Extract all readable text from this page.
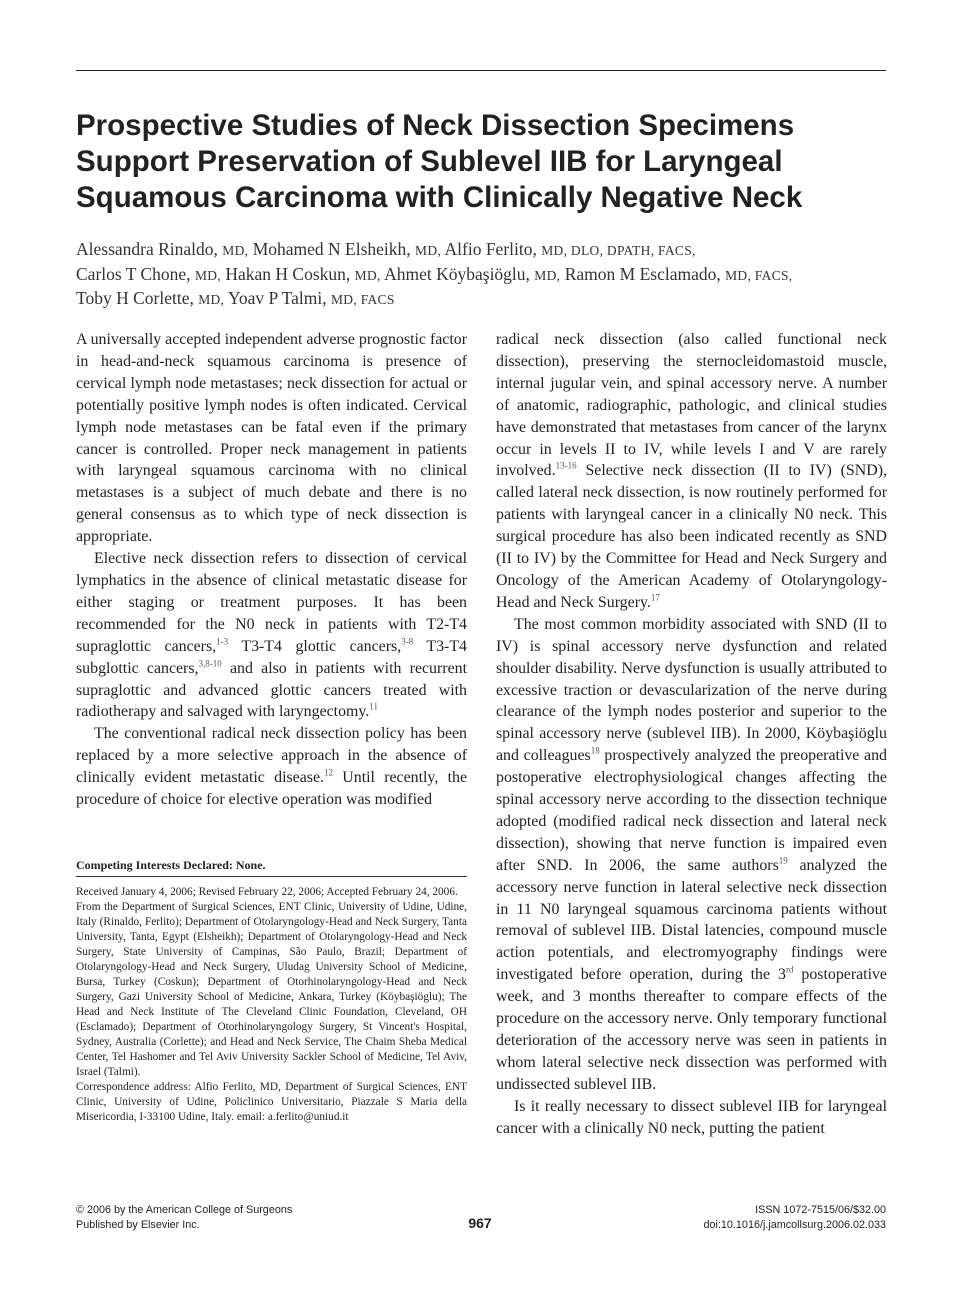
Prospective Studies of Neck Dissection Specimens Support Preservation of Sublevel IIB for Laryngeal Squamous Carcinoma with Clinically Negative Neck
Alessandra Rinaldo, MD, Mohamed N Elsheikh, MD, Alfio Ferlito, MD, DLO, DPATH, FACS,
Carlos T Chone, MD, Hakan H Coskun, MD, Ahmet Köybaşiöglu, MD, Ramon M Esclamado, MD, FACS,
Toby H Corlette, MD, Yoav P Talmi, MD, FACS

A universally accepted independent adverse prognostic factor in head-and-neck squamous carcinoma is presence of cervical lymph node metastases; neck dissection for actual or potentially positive lymph nodes is often indicated. Cervical lymph node metastases can be fatal even if the primary cancer is controlled. Proper neck management in patients with laryngeal squamous carcinoma with no clinical metastases is a subject of much debate and there is no general consensus as to which type of neck dissection is appropriate.

Elective neck dissection refers to dissection of cervical lymphatics in the absence of clinical metastatic disease for either staging or treatment purposes. It has been recommended for the N0 neck in patients with T2-T4 supraglottic cancers,$^{1-3}$ T3-T4 glottic cancers,$^{3-8}$ T3-T4 subglottic cancers,$^{3,8-10}$ and also in patients with recurrent supraglottic and advanced glottic cancers treated with radiotherapy and salvaged with laryngectomy.$^{11}$

The conventional radical neck dissection policy has been replaced by a more selective approach in the absence of clinically evident metastatic disease.$^{12}$ Until recently, the procedure of choice for elective operation was modified

radical neck dissection (also called functional neck dissection), preserving the sternocleidomastoid muscle, internal jugular vein, and spinal accessory nerve. A number of anatomic, radiographic, pathologic, and clinical studies have demonstrated that metastases from cancer of the larynx occur in levels II to IV, while levels I and V are rarely involved.$^{13-16}$ Selective neck dissection (II to IV) (SND), called lateral neck dissection, is now routinely performed for patients with laryngeal cancer in a clinically N0 neck. This surgical procedure has also been indicated recently as SND (II to IV) by the Committee for Head and Neck Surgery and Oncology of the American Academy of Otolaryngology-Head and Neck Surgery.$^{17}$

The most common morbidity associated with SND (II to IV) is spinal accessory nerve dysfunction and related shoulder disability. Nerve dysfunction is usually attributed to excessive traction or devascularization of the nerve during clearance of the lymph nodes posterior and superior to the spinal accessory nerve (sublevel IIB). In 2000, Köybaşiöglu and colleagues$^{18}$ prospectively analyzed the preoperative and postoperative electrophysiological changes affecting the spinal accessory nerve according to the dissection technique adopted (modified radical neck dissection and lateral neck dissection), showing that nerve function is impaired even after SND. In 2006, the same authors$^{19}$ analyzed the accessory nerve function in lateral selective neck dissection in 11 N0 laryngeal squamous carcinoma patients without removal of sublevel IIB. Distal latencies, compound muscle action potentials, and electromyography findings were investigated before operation, during the 3rd postoperative week, and 3 months thereafter to compare effects of the procedure on the accessory nerve. Only temporary functional deterioration of the accessory nerve was seen in patients in whom lateral selective neck dissection was performed with undissected sublevel IIB.

Is it really necessary to dissect sublevel IIB for laryngeal cancer with a clinically N0 neck, putting the patient

Competing Interests Declared: None.

Received January 4, 2006; Revised February 22, 2006; Accepted February 24, 2006.

From the Department of Surgical Sciences, ENT Clinic, University of Udine, Udine, Italy (Rinaldo, Ferlito); Department of Otolaryngology-Head and Neck Surgery, Tanta University, Tanta, Egypt (Elsheikh); Department of Otolaryngology-Head and Neck Surgery, State University of Campinas, São Paulo, Brazil; Department of Otolaryngology-Head and Neck Surgery, Uludag University School of Medicine, Bursa, Turkey (Coskun); Department of Otorhinolaryngology-Head and Neck Surgery, Gazi University School of Medicine, Ankara, Turkey (Köybaşiöglu); The Head and Neck Institute of The Cleveland Clinic Foundation, Cleveland, OH (Esclamado); Department of Otorhinolaryngology Surgery, St Vincent's Hospital, Sydney, Australia (Corlette); and Head and Neck Service, The Chaim Sheba Medical Center, Tel Hashomer and Tel Aviv University Sackler School of Medicine, Tel Aviv, Israel (Talmi).

Correspondence address: Alfio Ferlito, MD, Department of Surgical Sciences, ENT Clinic, University of Udine, Policlinico Universitario, Piazzale S Maria della Misericordia, I-33100 Udine, Italy. email: a.ferlito@uniud.it

© 2006 by the American College of Surgeons
Published by Elsevier Inc.	967
ISSN 1072-7515/06/$32.00
doi:10.1016/j.jamcollsurg.2006.02.033
